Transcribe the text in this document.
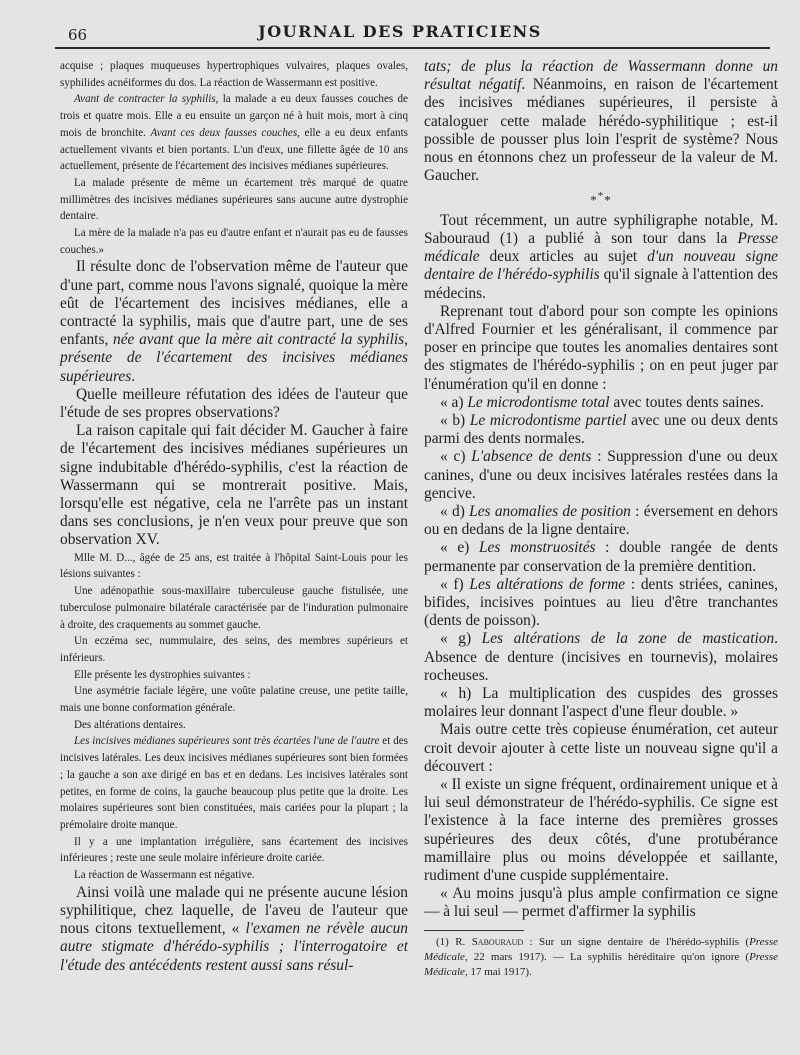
66	JOURNAL DES PRATICIENS

acquise ; plaques muqueuses hypertrophiques vulvaires, plaques ovales, syphilides acnéiformes du dos. La réaction de Wassermann est positive.

Avant de contracter la syphilis, la malade a eu deux fausses couches de trois et quatre mois. Elle a eu ensuite un garçon né à huit mois, mort à cinq mois de bronchite. Avant ces deux fausses couches, elle a eu deux enfants actuellement vivants et bien portants. L'un d'eux, une fillette âgée de 10 ans actuellement, présente de l'écartement des incisives médianes supérieures.

La malade présente de même un écartement très marqué de quatre millimètres des incisives médianes supérieures sans aucune autre dystrophie dentaire.

La mère de la malade n'a pas eu d'autre enfant et n'aurait pas eu de fausses couches.»

Il résulte donc de l'observation même de l'auteur que d'une part, comme nous l'avons signalé, quoique la mère eût de l'écartement des incisives médianes, elle a contracté la syphilis, mais que d'autre part, une de ses enfants, née avant que la mère ait contracté la syphilis, présente de l'écartement des incisives médianes supérieures.

Quelle meilleure réfutation des idées de l'auteur que l'étude de ses propres observations?

La raison capitale qui fait décider M. Gaucher à faire de l'écartement des incisives médianes supérieures un signe indubitable d'hérédo-syphilis, c'est la réaction de Wassermann qui se montrerait positive. Mais, lorsqu'elle est négative, cela ne l'arrête pas un instant dans ses conclusions, je n'en veux pour preuve que son observation XV.

Mlle M. D..., âgée de 25 ans, est traitée à l'hôpital Saint-Louis pour les lésions suivantes :

Une adénopathie sous-maxillaire tuberculeuse gauche fistulisée, une tuberculose pulmonaire bilatérale caractérisée par de l'induration pulmonaire à droite, des craquements au sommet gauche.

Un eczéma sec, nummulaire, des seins, des membres supérieurs et inférieurs.

Elle présente les dystrophies suivantes :

Une asymétrie faciale légère, une voûte palatine creuse, une petite taille, mais une bonne conformation générale.

Des altérations dentaires.

Les incisives médianes supérieures sont très écartées l'une de l'autre et des incisives latérales. Les deux incisives médianes supérieures sont bien formées ; la gauche a son axe dirigé en bas et en dedans. Les incisives latérales sont petites, en forme de coins, la gauche beaucoup plus petite que la droite. Les molaires supérieures sont bien constituées, mais cariées pour la plupart ; la prémolaire droite manque.

Il y a une implantation irrégulière, sans écartement des incisives inférieures ; reste une seule molaire inférieure droite cariée.

La réaction de Wassermann est négative.

Ainsi voilà une malade qui ne présente aucune lésion syphilitique, chez laquelle, de l'aveu de l'auteur que nous citons textuellement, « l'examen ne révèle aucun autre stigmate d'hérédo-syphilis ; l'interrogatoire et l'étude des antécédents restent aussi sans résul-

tats; de plus la réaction de Wassermann donne un résultat négatif. Néanmoins, en raison de l'écartement des incisives médianes supérieures, il persiste à cataloguer cette malade hérédo-syphilitique ; est-il possible de pousser plus loin l'esprit de système? Nous nous en étonnons chez un professeur de la valeur de M. Gaucher.

***

Tout récemment, un autre syphiligraphe notable, M. Sabouraud (1) a publié à son tour dans la Presse médicale deux articles au sujet d'un nouveau signe dentaire de l'hérédo-syphilis qu'il signale à l'attention des médecins.

Reprenant tout d'abord pour son compte les opinions d'Alfred Fournier et les généralisant, il commence par poser en principe que toutes les anomalies dentaires sont des stigmates de l'hérédo-syphilis ; on en peut juger par l'énumération qu'il en donne :

« a) Le microdontisme total avec toutes dents saines.

« b) Le microdontisme partiel avec une ou deux dents parmi des dents normales.

« c) L'absence de dents : Suppression d'une ou deux canines, d'une ou deux incisives latérales restées dans la gencive.

« d) Les anomalies de position : éversement en dehors ou en dedans de la ligne dentaire.

« e) Les monstruosités : double rangée de dents permanente par conservation de la première dentition.

« f) Les altérations de forme : dents striées, canines, bifides, incisives pointues au lieu d'être tranchantes (dents de poisson).

« g) Les altérations de la zone de mastication. Absence de denture (incisives en tournevis), molaires rocheuses.

« h) La multiplication des cuspides des grosses molaires leur donnant l'aspect d'une fleur double. »

Mais outre cette très copieuse énumération, cet auteur croit devoir ajouter à cette liste un nouveau signe qu'il a découvert :

« Il existe un signe fréquent, ordinairement unique et à lui seul démonstrateur de l'hérédo-syphilis. Ce signe est l'existence à la face interne des premières grosses supérieures des deux côtés, d'une protubérance mamillaire plus ou moins développée et saillante, rudiment d'une cuspide supplémentaire.

« Au moins jusqu'à plus ample confirmation ce signe — à lui seul — permet d'affirmer la syphilis

(1) R. Sabouraud : Sur un signe dentaire de l'hérédo-syphilis (Presse Médicale, 22 mars 1917). — La syphilis héréditaire qu'on ignore (Presse Médicale, 17 mai 1917).
